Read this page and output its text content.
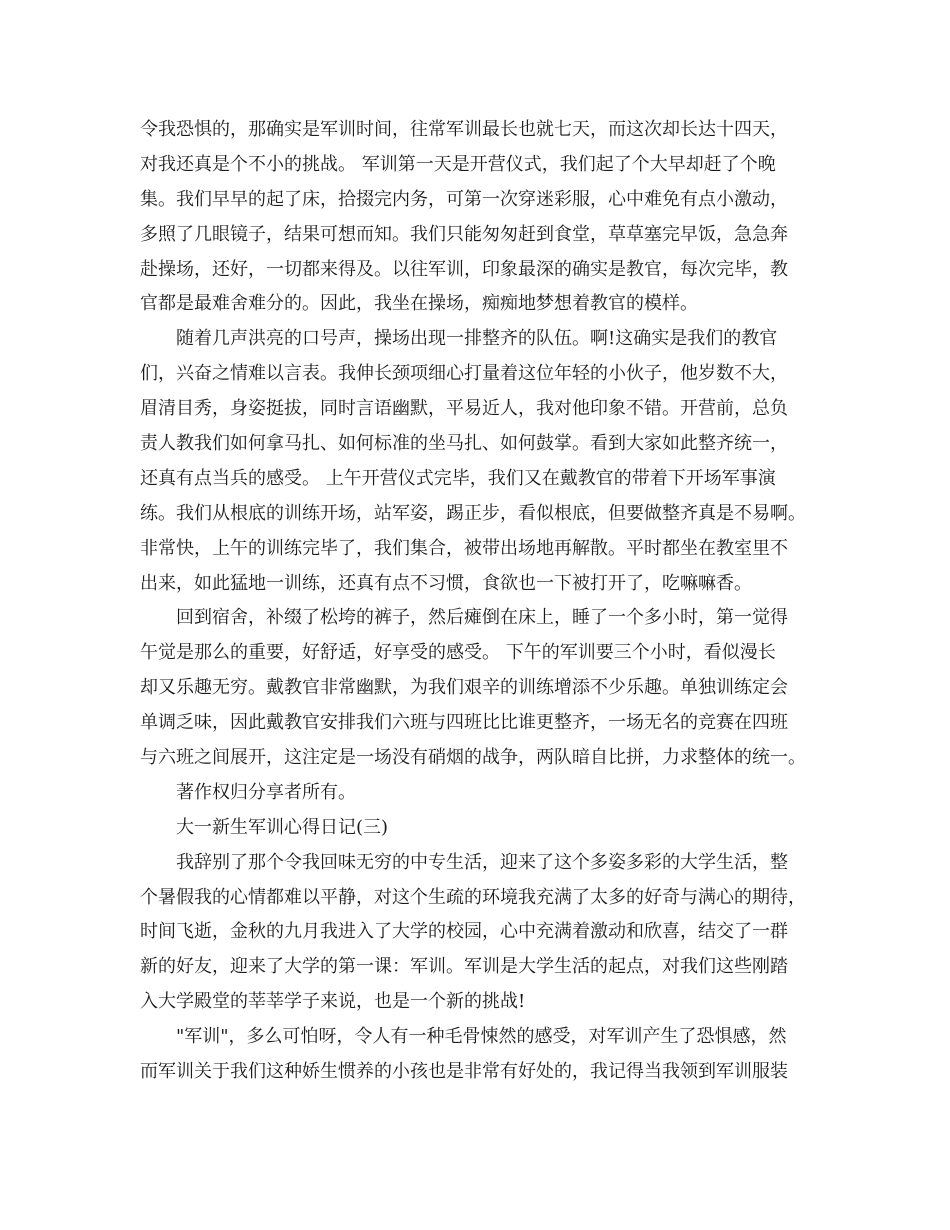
令我恐惧的，那确实是军训时间，往常军训最长也就七天，而这次却长达十四天，
对我还真是个不小的挑战。 军训第一天是开营仪式，我们起了个大早却赶了个晚
集。我们早早的起了床，拾掇完内务，可第一次穿迷彩服，心中难免有点小激动，
多照了几眼镜子，结果可想而知。我们只能匆匆赶到食堂，草草塞完早饭，急急奔
赴操场，还好，一切都来得及。以往军训，印象最深的确实是教官，每次完毕，教
官都是最难舍难分的。因此，我坐在操场，痴痴地梦想着教官的模样。
随着几声洪亮的口号声，操场出现一排整齐的队伍。啊!这确实是我们的教官
们，兴奋之情难以言表。我伸长颈项细心打量着这位年轻的小伙子，他岁数不大，
眉清目秀，身姿挺拔，同时言语幽默，平易近人，我对他印象不错。开营前，总负
责人教我们如何拿马扎、如何标准的坐马扎、如何鼓掌。看到大家如此整齐统一，
还真有点当兵的感受。 上午开营仪式完毕，我们又在戴教官的带着下开场军事演
练。我们从根底的训练开场，站军姿，踢正步，看似根底，但要做整齐真是不易啊。
非常快，上午的训练完毕了，我们集合，被带出场地再解散。平时都坐在教室里不
出来，如此猛地一训练，还真有点不习惯，食欲也一下被打开了，吃嘛嘛香。
回到宿舍，补缀了松垮的裤子，然后瘫倒在床上，睡了一个多小时，第一觉得
午觉是那么的重要，好舒适，好享受的感受。 下午的军训要三个小时，看似漫长
却又乐趣无穷。戴教官非常幽默，为我们艰辛的训练增添不少乐趣。单独训练定会
单调乏味，因此戴教官安排我们六班与四班比比谁更整齐，一场无名的竞赛在四班
与六班之间展开，这注定是一场没有硝烟的战争，两队暗自比拼，力求整体的统一。
著作权归分享者所有。
大一新生军训心得日记(三)
我辞别了那个令我回味无穷的中专生活，迎来了这个多姿多彩的大学生活，整
个暑假我的心情都难以平静，对这个生疏的环境我充满了太多的好奇与满心的期待，
时间飞逝，金秋的九月我进入了大学的校园，心中充满着激动和欣喜，结交了一群
新的好友，迎来了大学的第一课：军训。军训是大学生活的起点，对我们这些刚踏
入大学殿堂的莘莘学子来说，也是一个新的挑战!
"军训"，多么可怕呀，令人有一种毛骨悚然的感受，对军训产生了恐惧感，然
而军训关于我们这种娇生惯养的小孩也是非常有好处的，我记得当我领到军训服装
